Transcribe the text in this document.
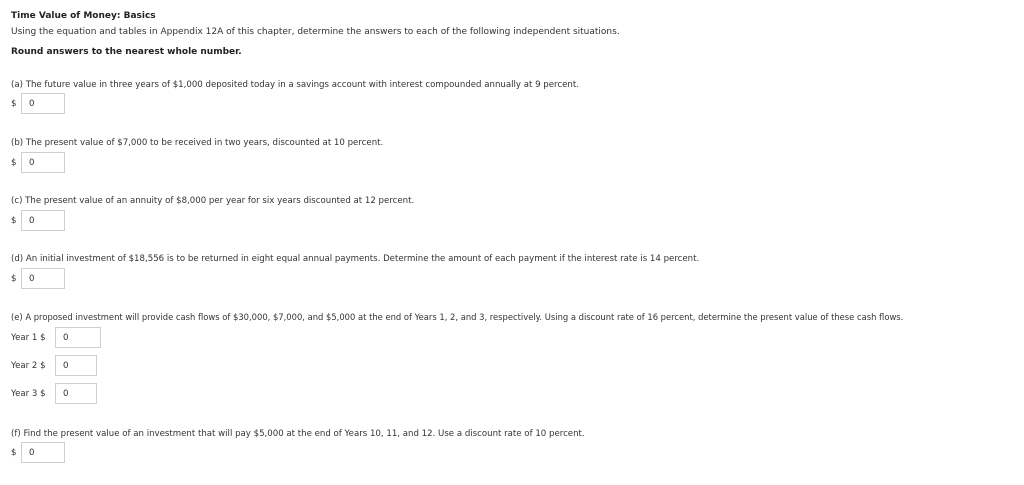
Time Value of Money: Basics
Using the equation and tables in Appendix 12A of this chapter, determine the answers to each of the following independent situations.
Round answers to the nearest whole number.
(a) The future value in three years of $1,000 deposited today in a savings account with interest compounded annually at 9 percent.
$
0
(b) The present value of $7,000 to be received in two years, discounted at 10 percent.
$
0
(c) The present value of an annuity of $8,000 per year for six years discounted at 12 percent.
$
0
(d) An initial investment of $18,556 is to be returned in eight equal annual payments. Determine the amount of each payment if the interest rate is 14 percent.
$
0
(e) A proposed investment will provide cash flows of $30,000, $7,000, and $5,000 at the end of Years 1, 2, and 3, respectively. Using a discount rate of 16 percent, determine the present value of these cash flows.
Year 1 $
0
Year 2 $
0
Year 3 $
0
(f) Find the present value of an investment that will pay $5,000 at the end of Years 10, 11, and 12. Use a discount rate of 10 percent.
$
0
